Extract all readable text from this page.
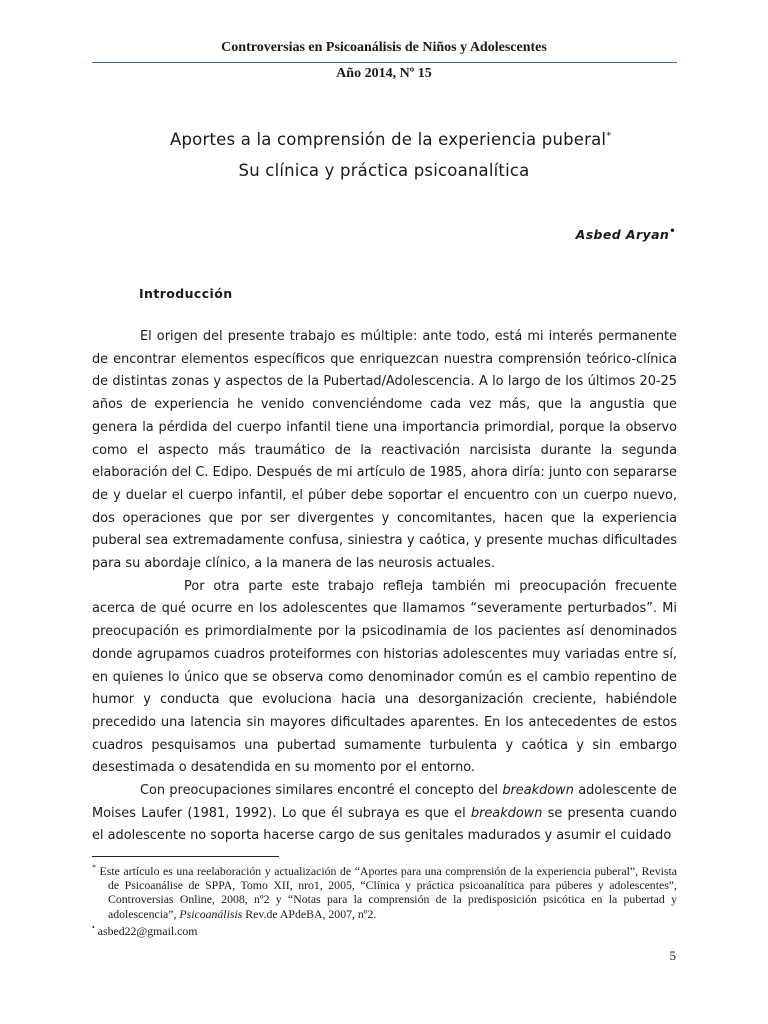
Controversias en Psicoanálisis de Niños y Adolescentes
Año 2014, Nº 15
Aportes a la comprensión de la experiencia puberal*
Su clínica y práctica psicoanalítica
Asbed Aryan•
Introducción

El origen del presente trabajo es múltiple: ante todo, está mi interés permanente de encontrar elementos específicos que enriquezcan nuestra comprensión teórico-clínica de distintas zonas y aspectos de la Pubertad/Adolescencia. A lo largo de los últimos 20-25 años de experiencia he venido convenciéndome cada vez más, que la angustia que genera la pérdida del cuerpo infantil tiene una importancia primordial, porque la observo como el aspecto más traumático de la reactivación narcisista durante la segunda elaboración del C. Edipo. Después de mi artículo de 1985, ahora diría: junto con separarse de y duelar el cuerpo infantil, el púber debe soportar el encuentro con un cuerpo nuevo, dos operaciones que por ser divergentes y concomitantes, hacen que la experiencia puberal sea extremadamente confusa, siniestra y caótica, y presente muchas dificultades para su abordaje clínico, a la manera de las neurosis actuales.

Por otra parte este trabajo refleja también mi preocupación frecuente acerca de qué ocurre en los adolescentes que llamamos “severamente perturbados”. Mi preocupación es primordialmente por la psicodinamia de los pacientes así denominados donde agrupamos cuadros proteiformes con historias adolescentes muy variadas entre sí, en quienes lo único que se observa como denominador común es el cambio repentino de humor y conducta que evoluciona hacia una desorganización creciente, habiéndole precedido una latencia sin mayores dificultades aparentes. En los antecedentes de estos cuadros pesquisamos una pubertad sumamente turbulenta y caótica y sin embargo desestimada o desatendida en su momento por el entorno.

Con preocupaciones similares encontré el concepto del breakdown adolescente de Moises Laufer (1981, 1992). Lo que él subraya es que el breakdown se presenta cuando el adolescente no soporta hacerse cargo de sus genitales madurados y asumir el cuidado

* Este artículo es una reelaboración y actualización de “Aportes para una comprensión de la experiencia puberal”, Revista de Psicoanálise de SPPA, Tomo XII, nro1, 2005, “Clínica y práctica psicoanalítica para púberes y adolescentes”, Controversias Online, 2008, nº2 y “Notas para la comprensión de la predisposición psicótica en la pubertad y adolescencia”, Psicoanálisis Rev.de APdeBA, 2007, nº2.

• asbed22@gmail.com

5
